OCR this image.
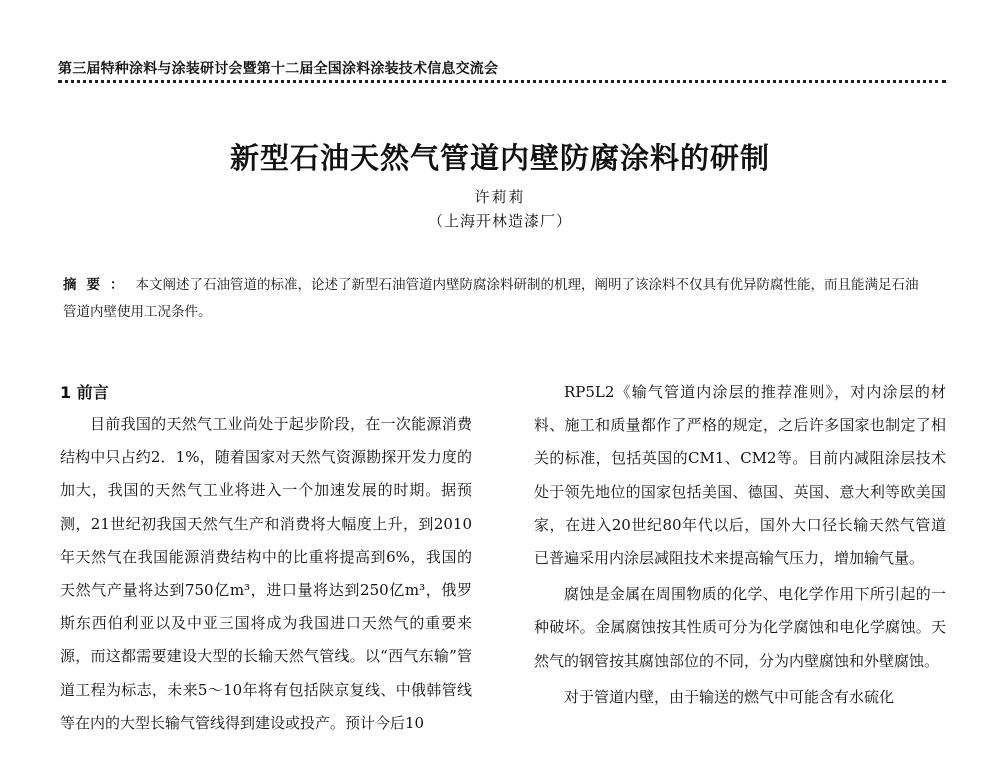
第三届特种涂料与涂装研讨会暨第十二届全国涂料涂装技术信息交流会
新型石油天然气管道内壁防腐涂料的研制
许莉莉
（上海开林造漆厂）
摘要： 本文阐述了石油管道的标准，论述了新型石油管道内壁防腐涂料研制的机理，阐明了该涂料不仅具有优异防腐性能，而且能满足石油管道内壁使用工况条件。
1 前言

目前我国的天然气工业尚处于起步阶段，在一次能源消费结构中只占约2．1%，随着国家对天然气资源勘探开发力度的加大，我国的天然气工业将进入一个加速发展的时期。据预测，21世纪初我国天然气生产和消费将大幅度上升，到2010年天然气在我国能源消费结构中的比重将提高到6%，我国的天然气产量将达到750亿m³，进口量将达到250亿m³，俄罗斯东西伯利亚以及中亚三国将成为我国进口天然气的重要来源，而这都需要建设大型的长输天然气管线。以“西气东输”管道工程为标志，未来5～10年将有包括陕京复线、中俄韩管线等在内的大型长输气管线得到建设或投产。预计今后10

RP5L2《输气管道内涂层的推荐准则》，对内涂层的材料、施工和质量都作了严格的规定，之后许多国家也制定了相关的标准，包括英国的CM1、CM2等。目前内减阻涂层技术处于领先地位的国家包括美国、德国、英国、意大利等欧美国家，在进入20世纪80年代以后，国外大口径长输天然气管道已普遍采用内涂层减阻技术来提高输气压力，增加输气量。

腐蚀是金属在周围物质的化学、电化学作用下所引起的一种破坏。金属腐蚀按其性质可分为化学腐蚀和电化学腐蚀。天然气的钢管按其腐蚀部位的不同，分为内壁腐蚀和外壁腐蚀。

对于管道内壁，由于输送的燃气中可能含有水硫化
